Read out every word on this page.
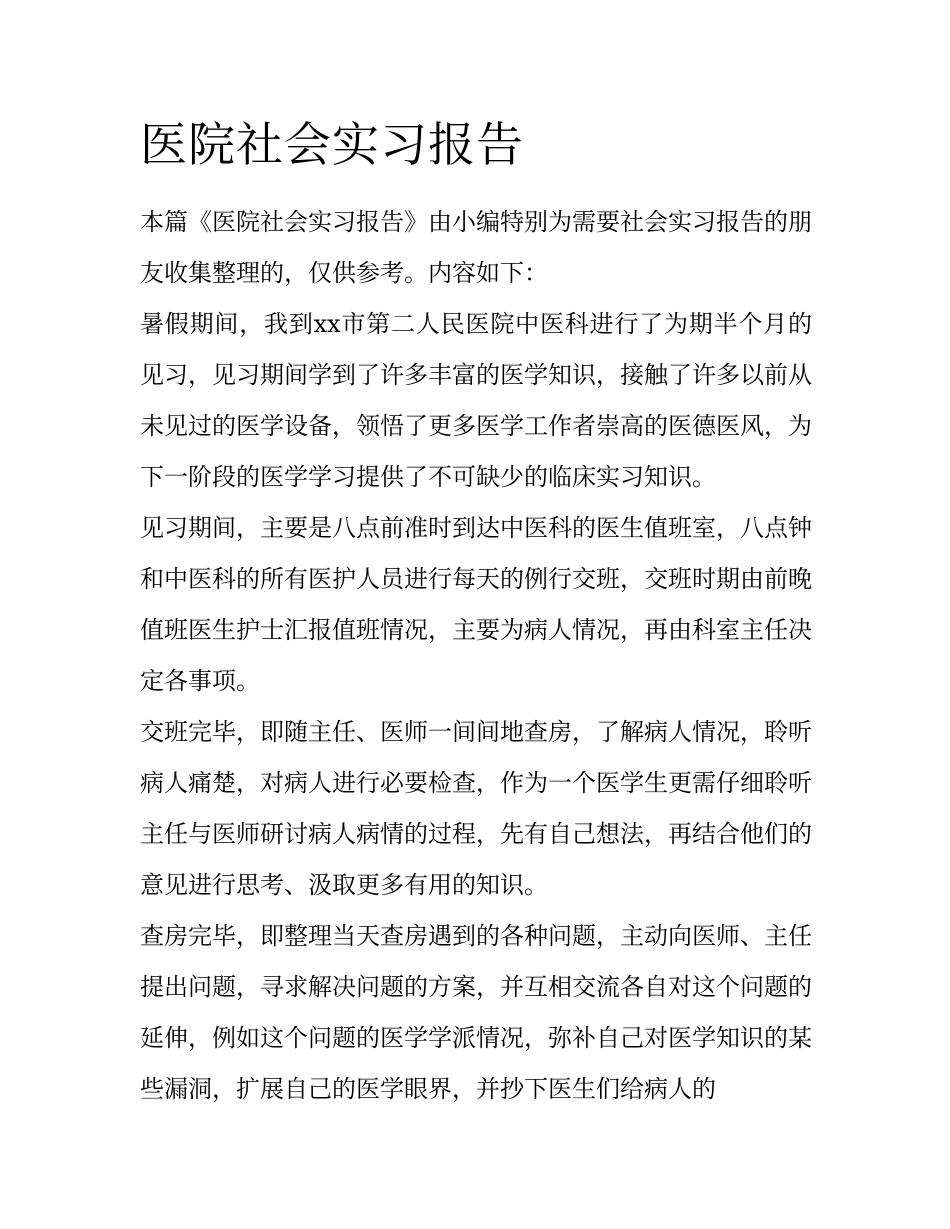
医院社会实习报告

本篇《医院社会实习报告》由小编特别为需要社会实习报告的朋友收集整理的，仅供参考。内容如下：

暑假期间，我到xx市第二人民医院中医科进行了为期半个月的见习，见习期间学到了许多丰富的医学知识，接触了许多以前从未见过的医学设备，领悟了更多医学工作者崇高的医德医风，为下一阶段的医学学习提供了不可缺少的临床实习知识。

见习期间，主要是八点前准时到达中医科的医生值班室，八点钟和中医科的所有医护人员进行每天的例行交班，交班时期由前晚值班医生护士汇报值班情况，主要为病人情况，再由科室主任决定各事项。

交班完毕，即随主任、医师一间间地查房，了解病人情况，聆听病人痛楚，对病人进行必要检查，作为一个医学生更需仔细聆听主任与医师研讨病人病情的过程，先有自己想法，再结合他们的意见进行思考、汲取更多有用的知识。

查房完毕，即整理当天查房遇到的各种问题，主动向医师、主任提出问题，寻求解决问题的方案，并互相交流各自对这个问题的延伸，例如这个问题的医学学派情况，弥补自己对医学知识的某些漏洞，扩展自己的医学眼界，并抄下医生们给病人的
